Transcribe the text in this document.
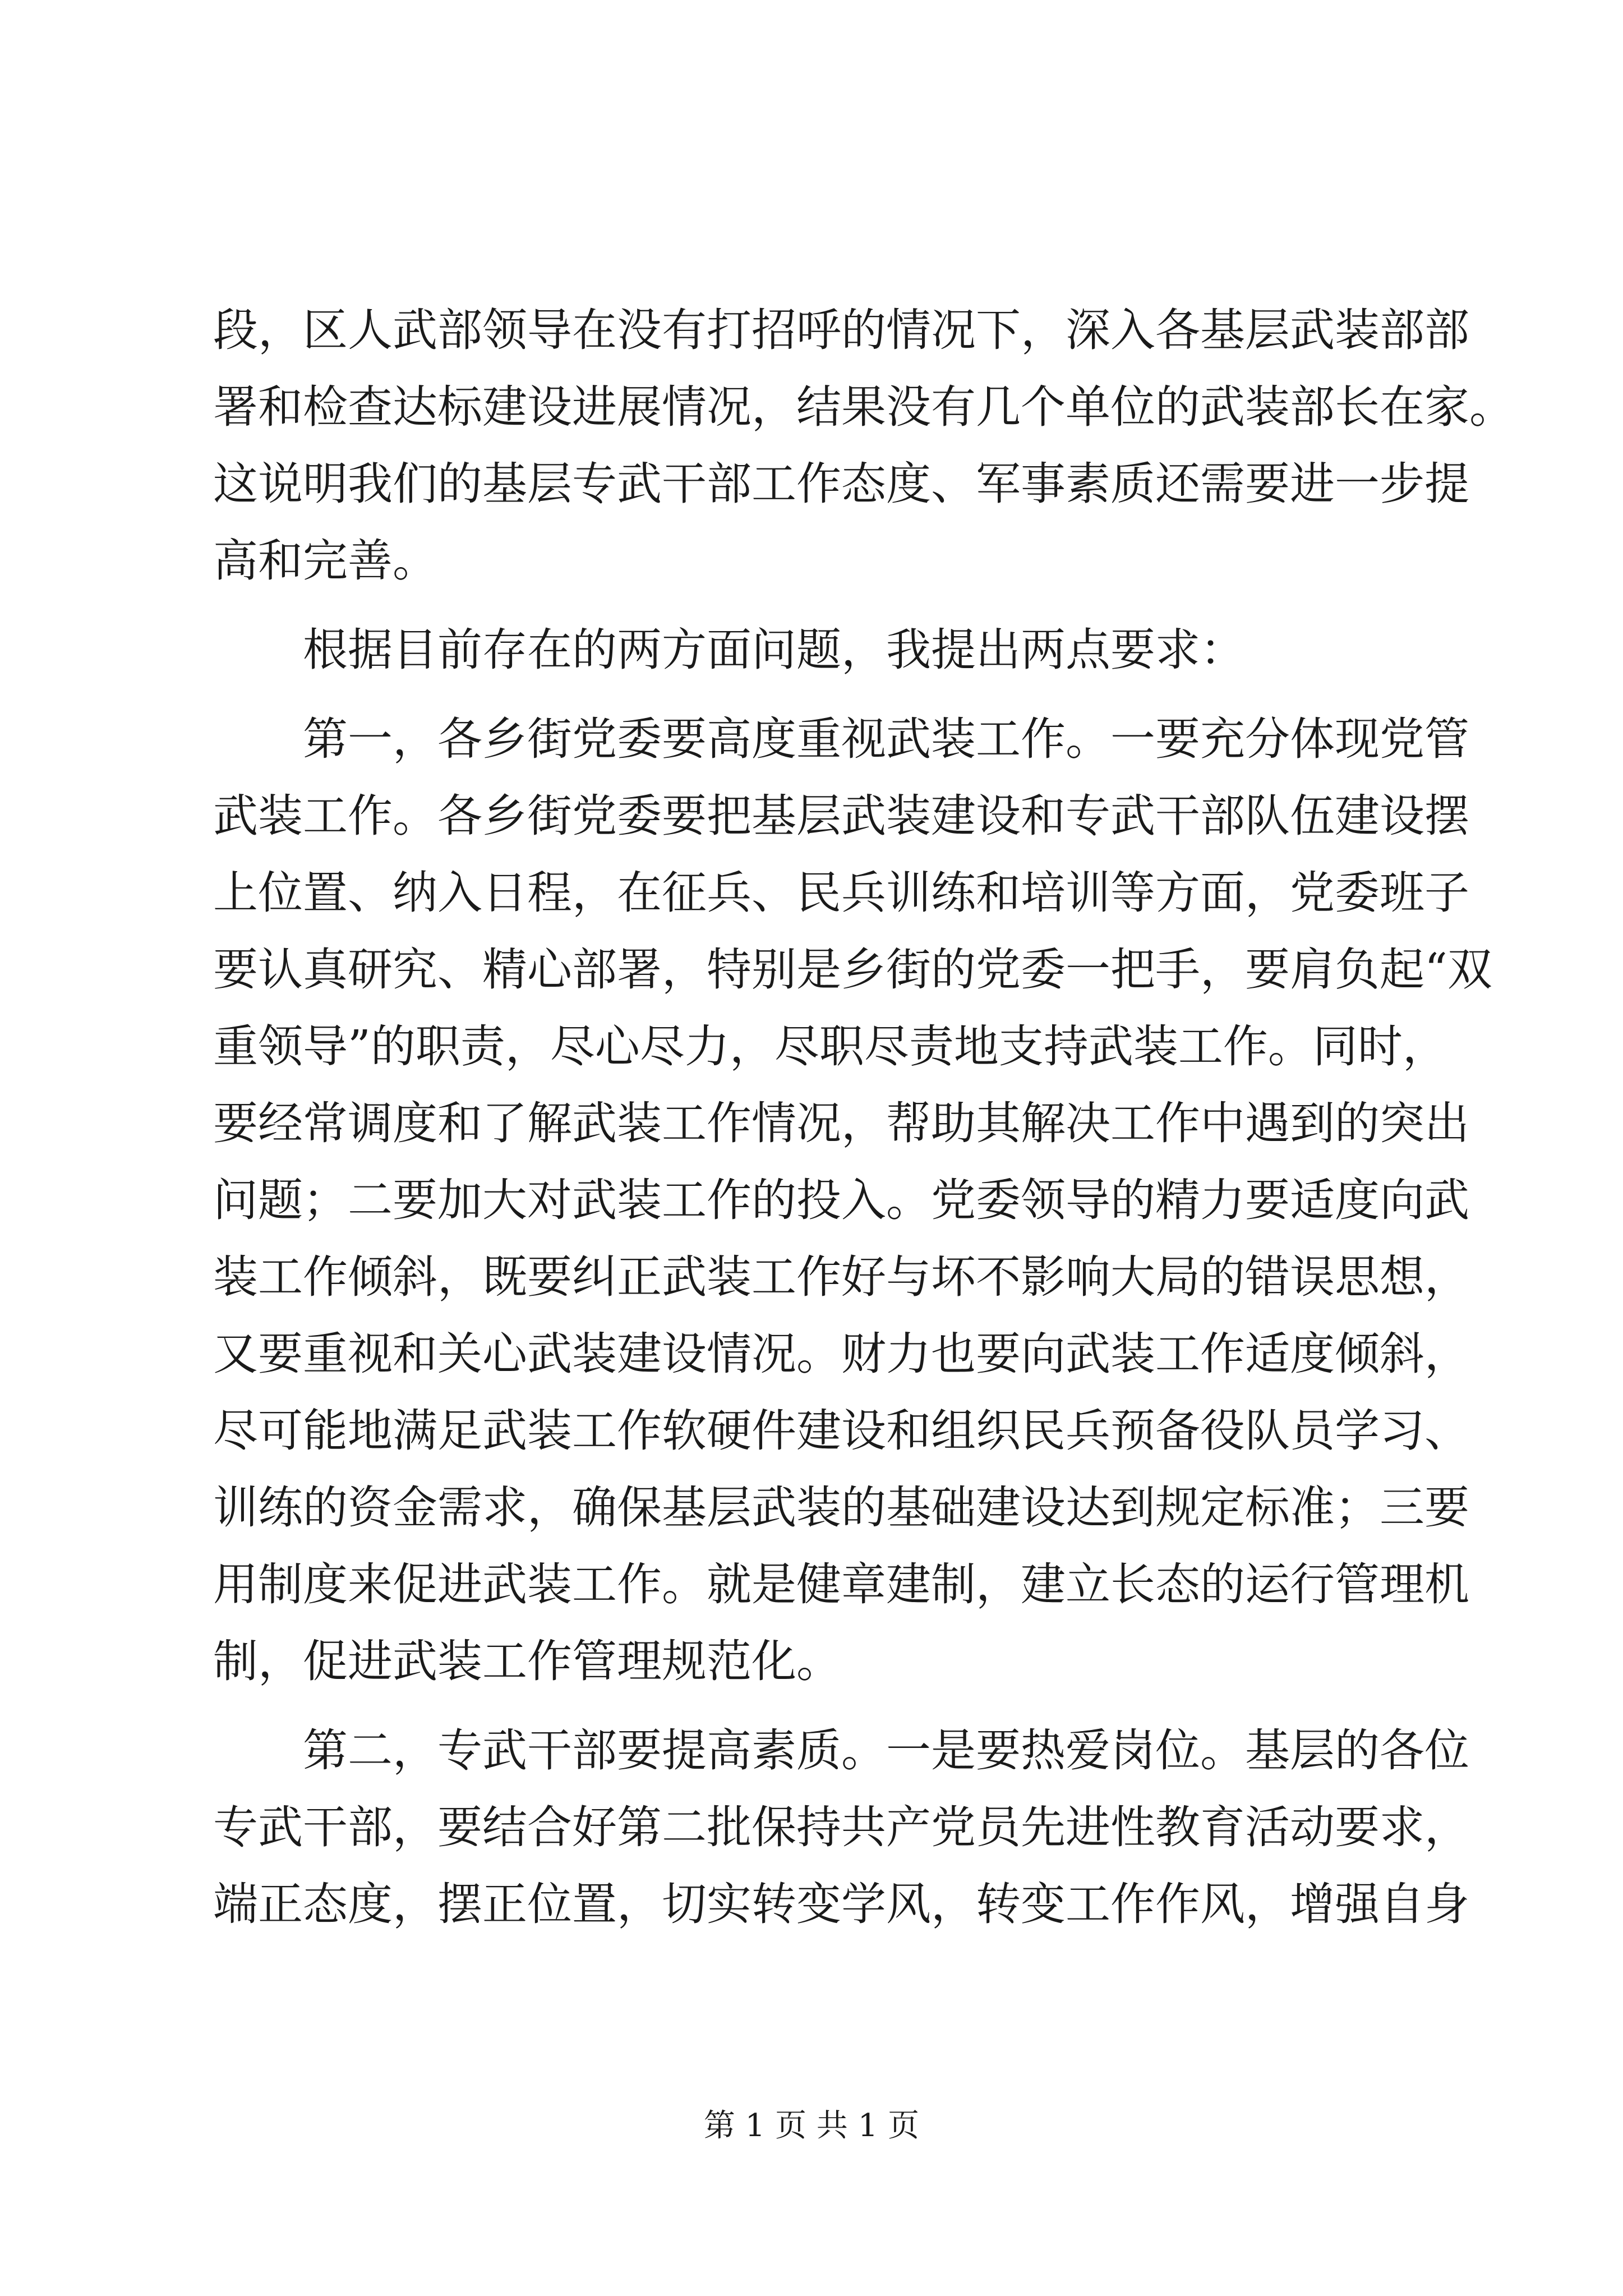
段，区人武部领导在没有打招呼的情况下，深入各基层武装部部
署和检查达标建设进展情况，结果没有几个单位的武装部长在家。
这说明我们的基层专武干部工作态度、军事素质还需要进一步提
高和完善。
根据目前存在的两方面问题，我提出两点要求：
第一，各乡街党委要高度重视武装工作。一要充分体现党管
武装工作。各乡街党委要把基层武装建设和专武干部队伍建设摆
上位置、纳入日程，在征兵、民兵训练和培训等方面，党委班子
要认真研究、精心部署，特别是乡街的党委一把手，要肩负起“双
重领导”的职责，尽心尽力，尽职尽责地支持武装工作。同时，
要经常调度和了解武装工作情况，帮助其解决工作中遇到的突出
问题；二要加大对武装工作的投入。党委领导的精力要适度向武
装工作倾斜，既要纠正武装工作好与坏不影响大局的错误思想，
又要重视和关心武装建设情况。财力也要向武装工作适度倾斜，
尽可能地满足武装工作软硬件建设和组织民兵预备役队员学习、
训练的资金需求，确保基层武装的基础建设达到规定标准；三要
用制度来促进武装工作。就是健章建制，建立长态的运行管理机
制，促进武装工作管理规范化。
第二，专武干部要提高素质。一是要热爱岗位。基层的各位
专武干部，要结合好第二批保持共产党员先进性教育活动要求，
端正态度，摆正位置，切实转变学风，转变工作作风，增强自身
第 1 页 共 1 页
